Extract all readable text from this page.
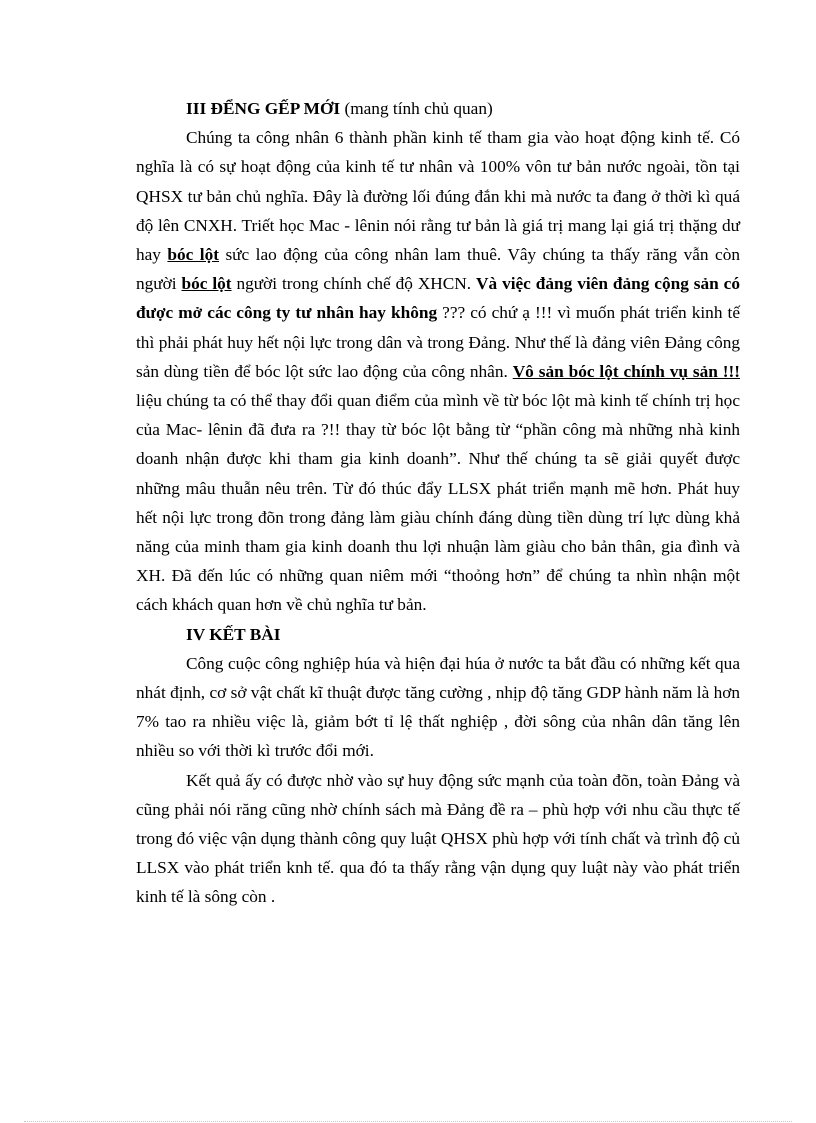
III ĐỂNG GẾP MỚI (mang tính chủ quan)

Chúng ta công nhân 6 thành phần kinh tế tham gia vào hoạt động kinh tế. Có nghĩa là có sự hoạt động của kinh tế tư nhân và 100% vôn tư bản nước ngoài, tồn tại QHSX tư bản chủ nghĩa. Đây là đường lối đúng đắn khi mà nước ta đang ở thời kì quá độ lên CNXH. Triết học Mac - lênin nói rằng tư bản là giá trị mang lại giá trị thặng dư hay bóc lột sức lao động của công nhân lam thuê. Vây chúng ta thấy răng vẫn còn người bóc lột người trong chính chế độ XHCN. Và việc đảng viên đảng cộng sản có được mở các công ty tư nhân hay không ??? có chứ ạ !!! vì muốn phát triển kinh tế thì phải phát huy hết nội lực trong dân và trong Đảng. Như thế là đảng viên Đảng công sản dùng tiền để bóc lột sức lao động của công nhân. Vô sản bóc lột chính vụ sản !!! liệu chúng ta có thể thay đổi quan điểm của mình về từ bóc lột mà kinh tế chính trị học của Mac- lênin đã đưa ra ?!! thay từ bóc lột bằng từ “phần công mà những nhà kinh doanh nhận được khi tham gia kinh doanh”. Như thế chúng ta sẽ giải quyết được những mâu thuẫn nêu trên. Từ đó thúc đẩy LLSX phát triển mạnh mẽ hơn. Phát huy hết nội lực trong đõn trong đảng làm giàu chính đáng dùng tiền dùng trí lực dùng khả năng của minh tham gia kinh doanh thu lợi nhuận làm giàu cho bản thân, gia đình và XH. Đã đến lúc có những quan niêm mới “thoỏng hơn” để chúng ta nhìn nhận một cách khách quan hơn về chủ nghĩa tư bản.

IV KẾT BÀI

Công cuộc công nghiệp húa và hiện đại húa ở nước ta bắt đầu có những kết qua nhát định, cơ sở vật chất kĩ thuật được tăng cường , nhịp độ tăng GDP hành năm là hơn 7% tao ra nhiều việc là, giảm bớt tỉ lệ thất nghiệp , đời sông của nhân dân tăng lên nhiều so với thời kì trước đổi mới.

Kết quả ấy có được nhờ vào sự huy động sức mạnh của toàn đõn, toàn Đảng và cũng phải nói răng cũng nhờ chính sách mà Đảng đề ra – phù hợp với nhu cầu thực tế trong đó việc vận dụng thành công quy luật QHSX phù hợp với tính chất và trình độ củ LLSX vào phát triển knh tế. qua đó ta thấy rằng vận dụng quy luật này vào phát triển kinh tế là sông còn .
